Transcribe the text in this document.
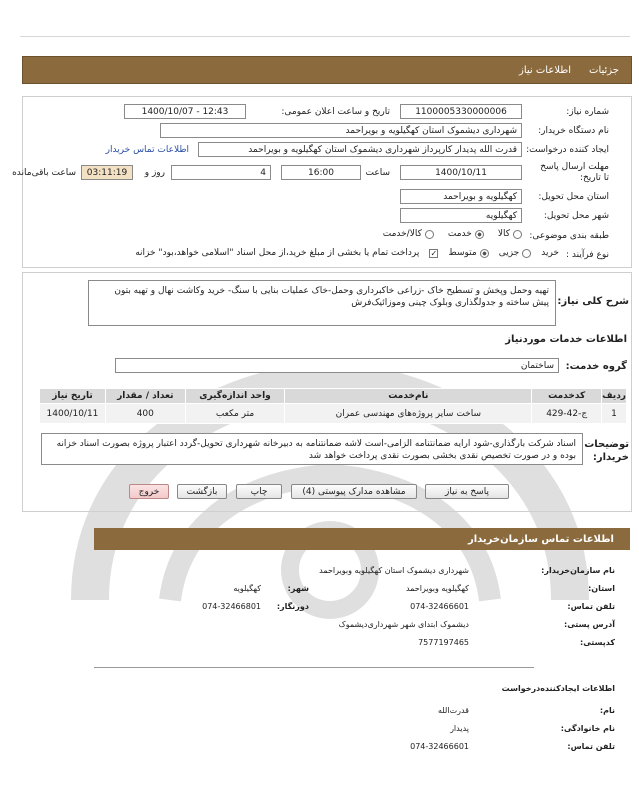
جزئیات
اطلاعات نیاز
شماره نیاز:
1100005330000006
تاریخ و ساعت اعلان عمومی:
1400/10/07 - 12:43
نام دستگاه خریدار:
شهرداری دیشموک استان کهگیلویه و بویراحمد
ایجاد کننده درخواست:
قدرت الله پدیدار کارپرداز شهرداری دیشموک استان کهگیلویه و بویراحمد
اطلاعات تماس خریدار
مهلت ارسال پاسخ تا تاریخ:
1400/10/11
ساعت
16:00
4
روز و
03:11:19
ساعت باقی‌مانده
استان محل تحویل:
کهگیلویه و بویراحمد
شهر محل تحویل:
کهگیلویه
طبقه بندی موضوعی:
کالا
خدمت
کالا/خدمت
نوع فرآیند :
خرید
جزیی
متوسط
✓
پرداخت تمام یا بخشی از مبلغ خرید،از محل اسناد "اسلامی خواهد،بود" خزانه
شرح کلی نیاز:
تهیه وحمل وپخش و تسطیح خاک -زراعی خاکبرداری وحمل-خاک عملیات بنایی با سنگ- خرید وکاشت نهال و تهیه بتون پیش ساخته و جدولگذاری وبلوک چینی وموزائیک‌فرش
اطلاعات خدمات موردنیاز
گروه خدمت:
ساختمان
ردیف	کدخدمت	نام‌خدمت	واحد اندازه‌گیری	تعداد / مقدار	تاریخ نیاز
1	ج-42-429	ساخت سایر پروژه‌های مهندسی عمران	متر مکعب	400	1400/10/11
توضیحات خریدار:
اسناد شرکت بارگذاری-شود ارایه ضمانتنامه الزامی-است لاشه ضمانتنامه به دبیرخانه شهرداری تحویل-گردد اعتبار پروژه بصورت اسناد خزانه بوده و در صورت تخصیص نقدی بخشی بصورت نقدی پرداخت خواهد شد
پاسخ به نیاز
مشاهده مدارک پیوستی (4)
چاپ
بازگشت
خروج
اطلاعات تماس سازمان‌خریدار
نام سازمان‌خریدار:
شهرداری دیشموک استان کهگیلویه وبویراحمد
استان:
کهگیلویه وبویراحمد
شهر:
کهگیلویه
تلفن تماس:
074-32466601
دورنگار:
074-32466801
آدرس پستی:
دیشموک ابتدای شهر شهرداری‌دیشموک
کدپستی:
7577197465
اطلاعات ایجادکننده‌درخواست
نام:
قدرت‌الله
نام خانوادگی:
پدیدار
تلفن تماس:
074-32466601
